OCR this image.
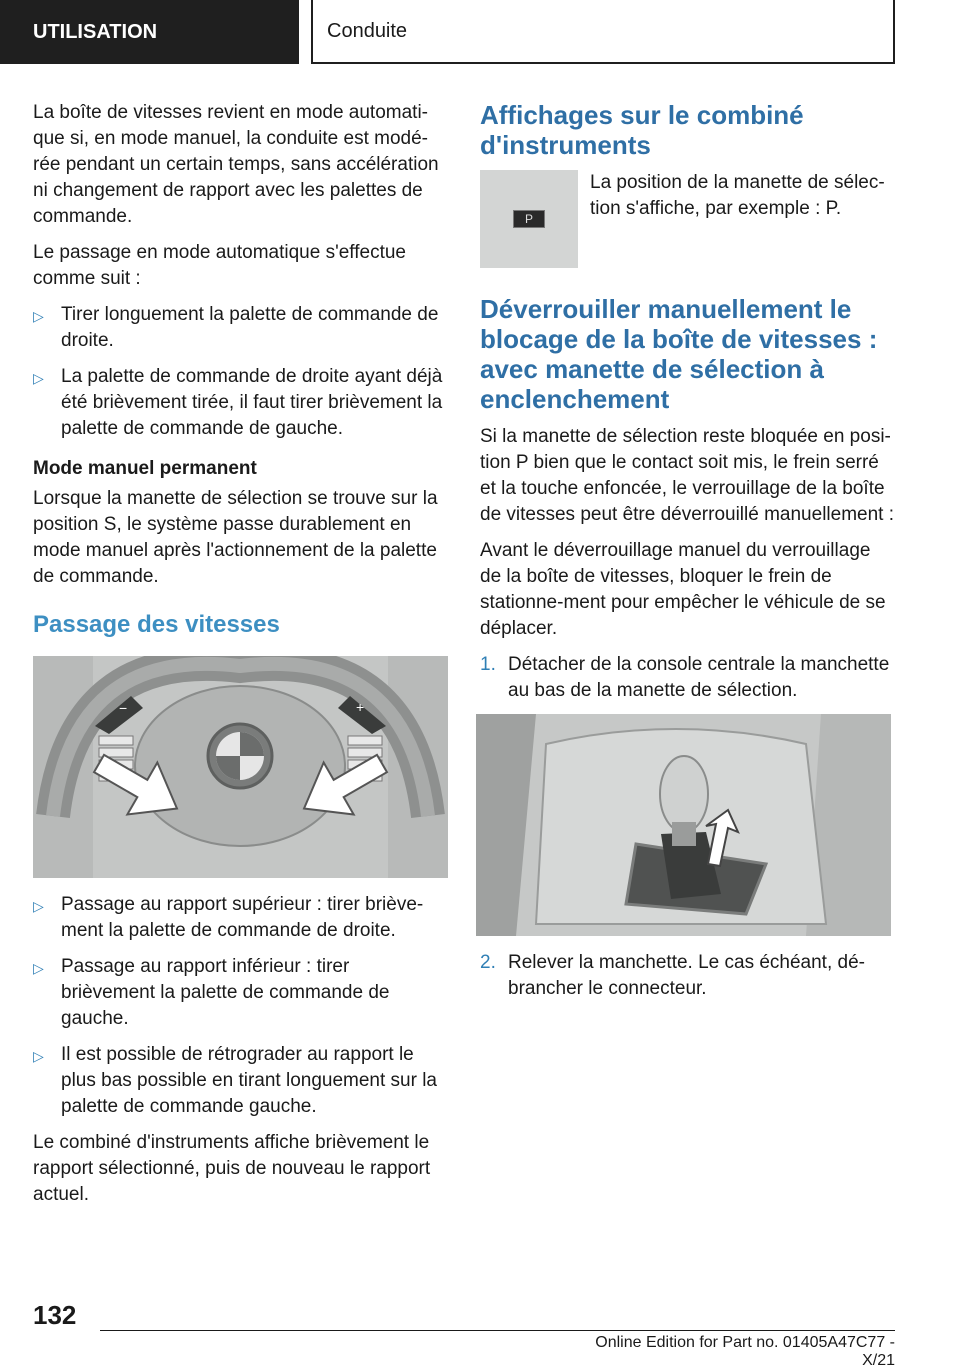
UTILISATION	Conduite

La boîte de vitesses revient en mode automati-que si, en mode manuel, la conduite est modé-rée pendant un certain temps, sans accélération ni changement de rapport avec les palettes de commande.

Le passage en mode automatique s'effectue comme suit :

▷ Tirer longuement la palette de commande de droite.
▷ La palette de commande de droite ayant déjà été brièvement tirée, il faut tirer brièvement la palette de commande de gauche.
Mode manuel permanent

Lorsque la manette de sélection se trouve sur la position S, le système passe durablement en mode manuel après l'actionnement de la palette de commande.

Passage des vitesses
−	+
▷ Passage au rapport supérieur : tirer briève-ment la palette de commande de droite.
▷ Passage au rapport inférieur : tirer brièvement la palette de commande de gauche.
▷ Il est possible de rétrograder au rapport le plus bas possible en tirant longuement sur la palette de commande gauche.

Le combiné d'instruments affiche brièvement le rapport sélectionné, puis de nouveau le rapport actuel.

Affichages sur le combiné d'instruments
P
La position de la manette de sélec-tion s'affiche, par exemple : P.
Déverrouiller manuellement le blocage de la boîte de vitesses : avec manette de sélection à enclenchement

Si la manette de sélection reste bloquée en posi-tion P bien que le contact soit mis, le frein serré et la touche enfoncée, le verrouillage de la boîte de vitesses peut être déverrouillé manuellement :

Avant le déverrouillage manuel du verrouillage de la boîte de vitesses, bloquer le frein de stationne-ment pour empêcher le véhicule de se déplacer.

1. Détacher de la console centrale la manchette au bas de la manette de sélection.
2. Relever la manchette. Le cas échéant, dé-brancher le connecteur.
132
Online Edition for Part no. 01405A47C77 - X/21
